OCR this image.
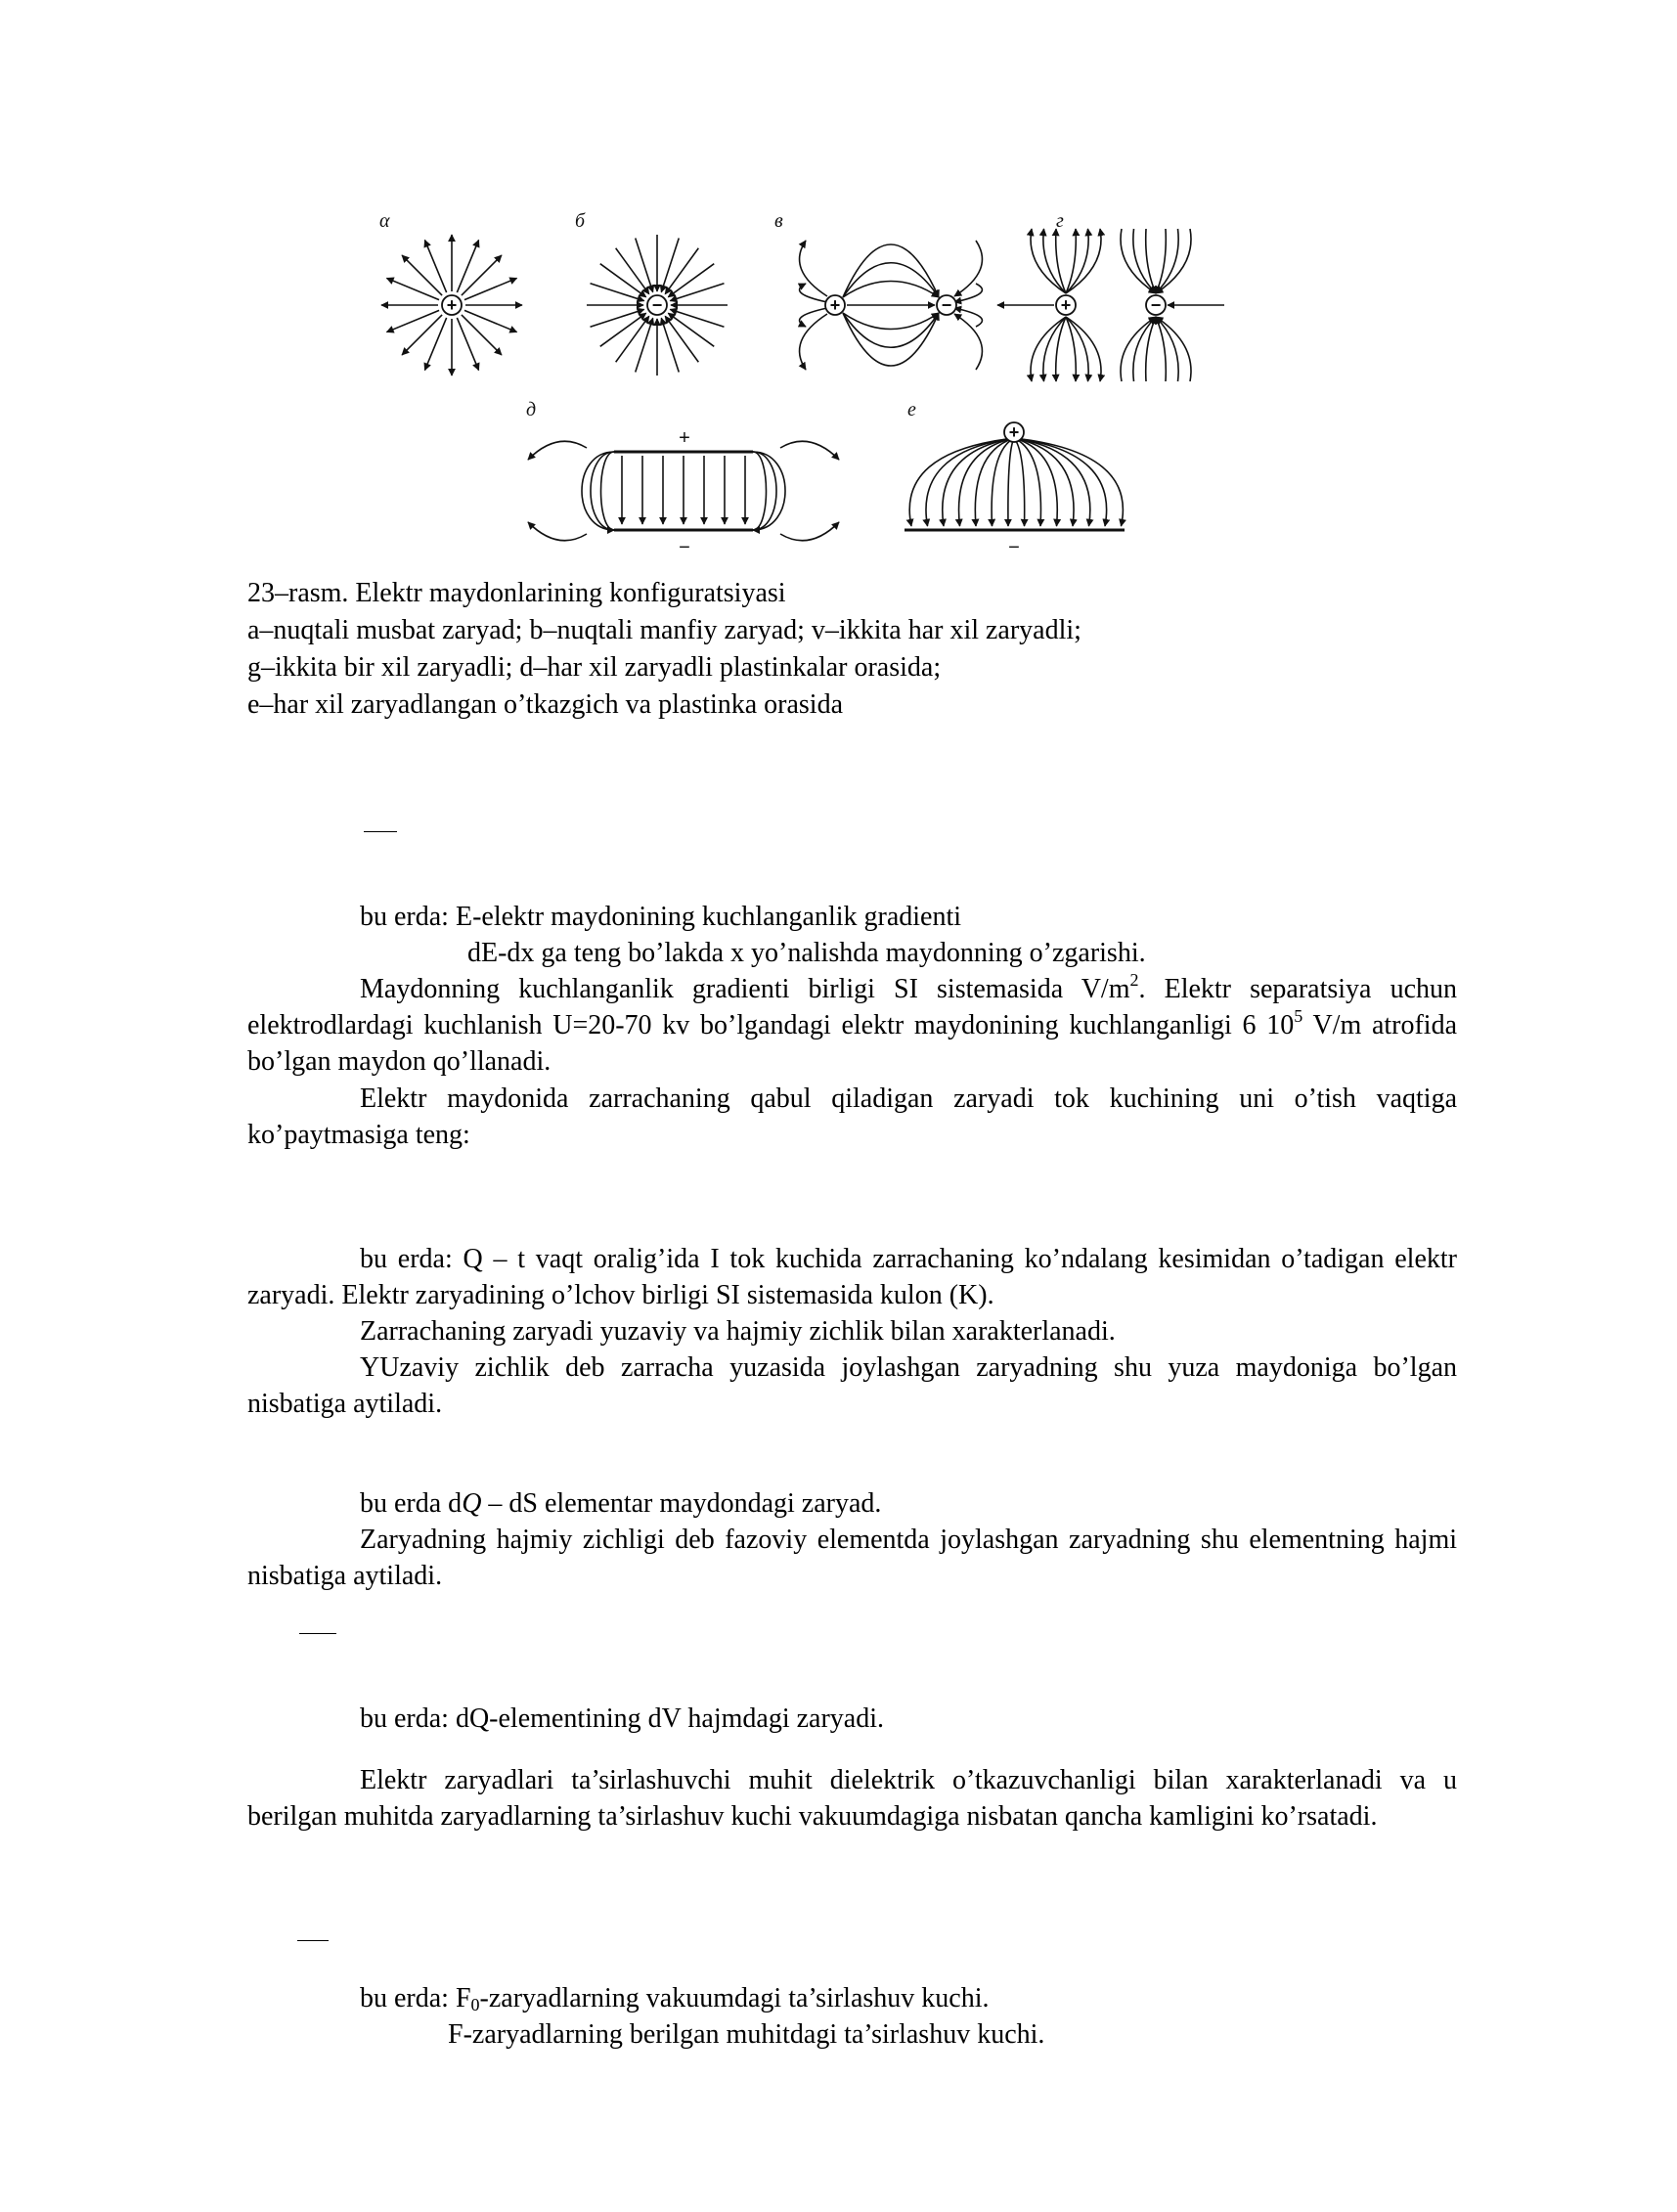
α	б	в	г
д	е
+	−	+	−	+	−
+
−
+
−
23–rasm. Elektr maydonlarining konfiguratsiyasi
a–nuqtali musbat zaryad; b–nuqtali manfiy zaryad; v–ikkita har xil zaryadli;
g–ikkita bir xil zaryadli; d–har xil zaryadli plastinkalar orasida;
e–har xil zaryadlangan o’tkazgich va plastinka orasida
bu erda: E-elektr maydonining kuchlanganlik gradienti
dE-dx ga teng bo’lakda x yo’nalishda maydonning o’zgarishi.
Maydonning kuchlanganlik gradienti birligi SI sistemasida $V/m^2$. Elektr separatsiya uchun elektrodlardagi kuchlanish U=20-70 kv bo’lgandagi elektr maydonining kuchlanganligi 6 $10^5$ V/m atrofida bo’lgan maydon qo’llanadi.
Elektr maydonida zarrachaning qabul qiladigan zaryadi tok kuchining uni o’tish vaqtiga ko’paytmasiga teng:
bu erda: Q – t vaqt oralig’ida I tok kuchida zarrachaning ko’ndalang kesimidan o’tadigan elektr zaryadi. Elektr zaryadining o’lchov birligi SI sistemasida kulon (K).
Zarrachaning zaryadi yuzaviy va hajmiy zichlik bilan xarakterlanadi.
YUzaviy zichlik deb zarracha yuzasida joylashgan zaryadning shu yuza maydoniga bo’lgan nisbatiga aytiladi.
bu erda dQ – dS elementar maydondagi zaryad.
Zaryadning hajmiy zichligi deb fazoviy elementda joylashgan zaryadning shu elementning hajmi nisbatiga aytiladi.
bu erda: dQ-elementining dV hajmdagi zaryadi.
Elektr zaryadlari ta’sirlashuvchi muhit dielektrik o’tkazuvchanligi bilan xarakterlanadi va u berilgan muhitda zaryadlarning ta’sirlashuv kuchi vakuumdagiga nisbatan qancha kamligini ko’rsatadi.
bu erda: $F_0$-zaryadlarning vakuumdagi ta’sirlashuv kuchi.
F-zaryadlarning berilgan muhitdagi ta’sirlashuv kuchi.
